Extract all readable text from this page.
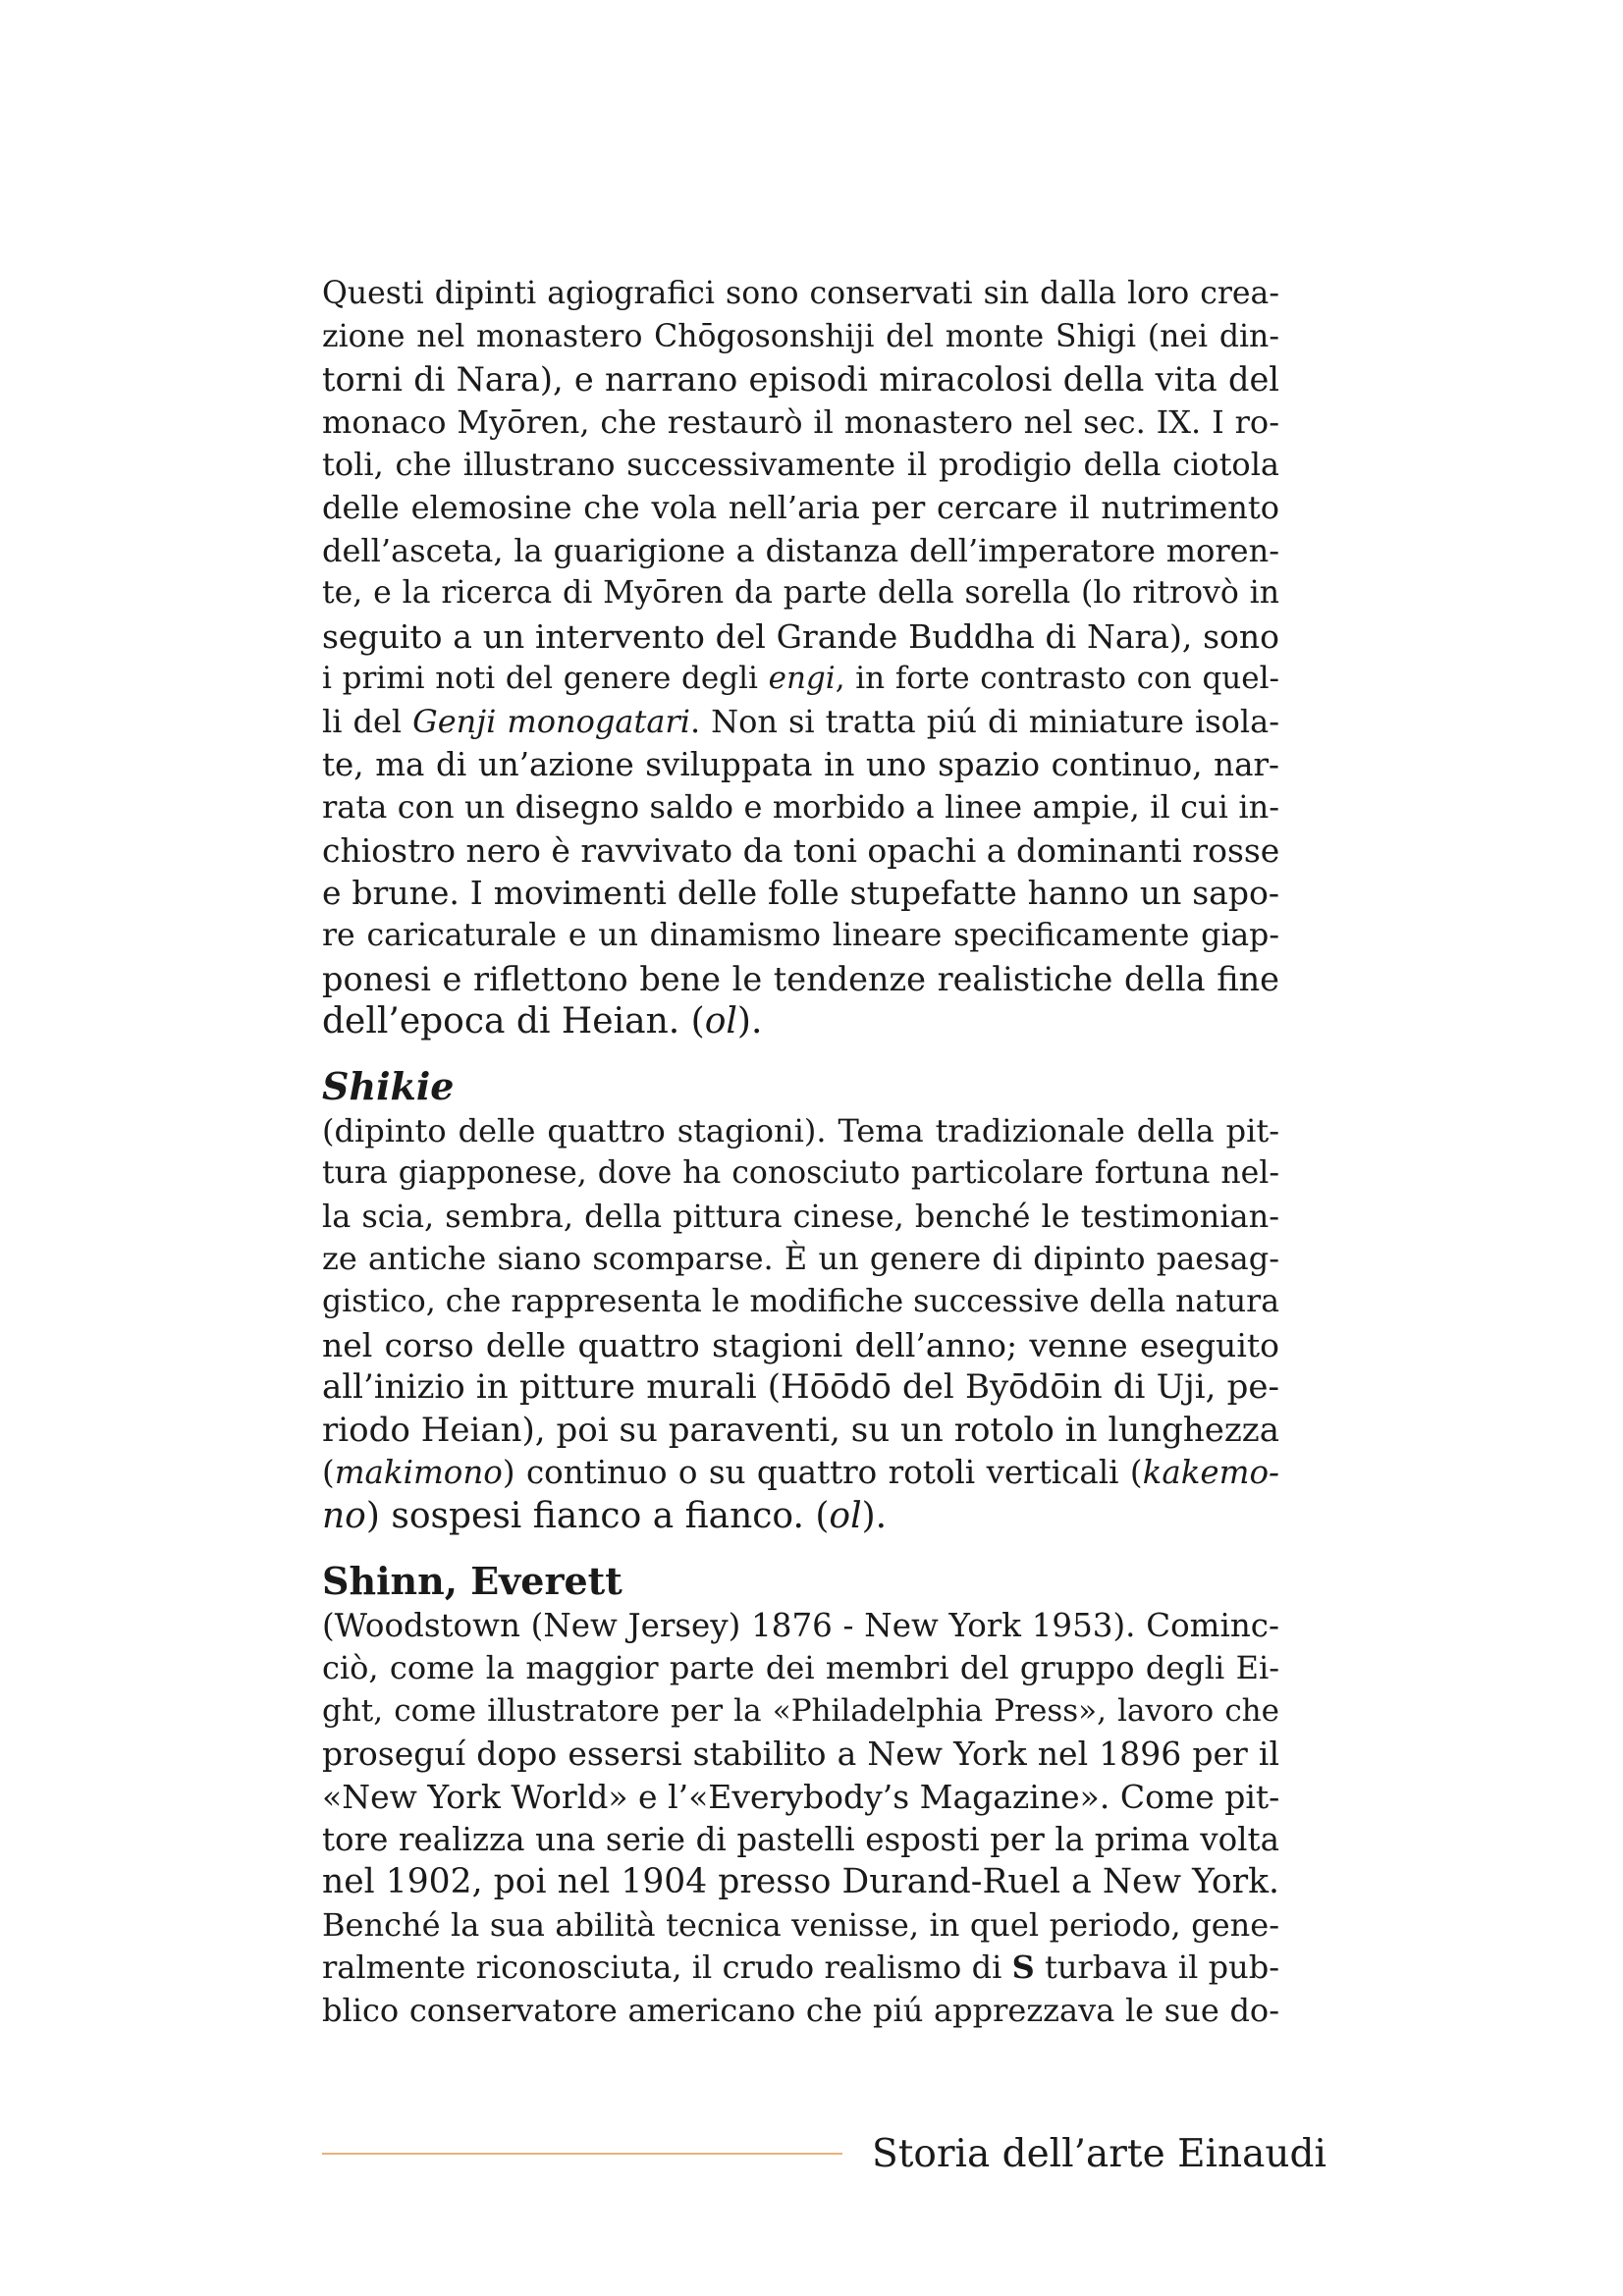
Questi dipinti agiografici sono conservati sin dalla loro crea-
zione nel monastero Chōgosonshiji del monte Shigi (nei din-
torni di Nara), e narrano episodi miracolosi della vita del
monaco Myōren, che restaurò il monastero nel sec. IX. I ro-
toli, che illustrano successivamente il prodigio della ciotola
delle elemosine che vola nell’aria per cercare il nutrimento
dell’asceta, la guarigione a distanza dell’imperatore moren-
te, e la ricerca di Myōren da parte della sorella (lo ritrovò in
seguito a un intervento del Grande Buddha di Nara), sono
i primi noti del genere degli engi, in forte contrasto con quel-
li del Genji monogatari. Non si tratta piú di miniature isola-
te, ma di un’azione sviluppata in uno spazio continuo, nar-
rata con un disegno saldo e morbido a linee ampie, il cui in-
chiostro nero è ravvivato da toni opachi a dominanti rosse
e brune. I movimenti delle folle stupefatte hanno un sapo-
re caricaturale e un dinamismo lineare specificamente giap-
ponesi e riflettono bene le tendenze realistiche della fine
dell’epoca di Heian. (ol).
Shikie
(dipinto delle quattro stagioni). Tema tradizionale della pit-
tura giapponese, dove ha conosciuto particolare fortuna nel-
la scia, sembra, della pittura cinese, benché le testimonian-
ze antiche siano scomparse. È un genere di dipinto paesag-
gistico, che rappresenta le modifiche successive della natura
nel corso delle quattro stagioni dell’anno; venne eseguito
all’inizio in pitture murali (Hōōdō del Byōdōin di Uji, pe-
riodo Heian), poi su paraventi, su un rotolo in lunghezza
(makimono) continuo o su quattro rotoli verticali (kakemo-
no) sospesi fianco a fianco. (ol).
Shinn, Everett
(Woodstown (New Jersey) 1876 - New York 1953). Cominc-
ciò, come la maggior parte dei membri del gruppo degli Ei-
ght, come illustratore per la «Philadelphia Press», lavoro che
proseguí dopo essersi stabilito a New York nel 1896 per il
«New York World» e l’«Everybody’s Magazine». Come pit-
tore realizza una serie di pastelli esposti per la prima volta
nel 1902, poi nel 1904 presso Durand-Ruel a New York.
Benché la sua abilità tecnica venisse, in quel periodo, gene-
ralmente riconosciuta, il crudo realismo di S turbava il pub-
blico conservatore americano che piú apprezzava le sue do-
Storia dell’arte Einaudi
